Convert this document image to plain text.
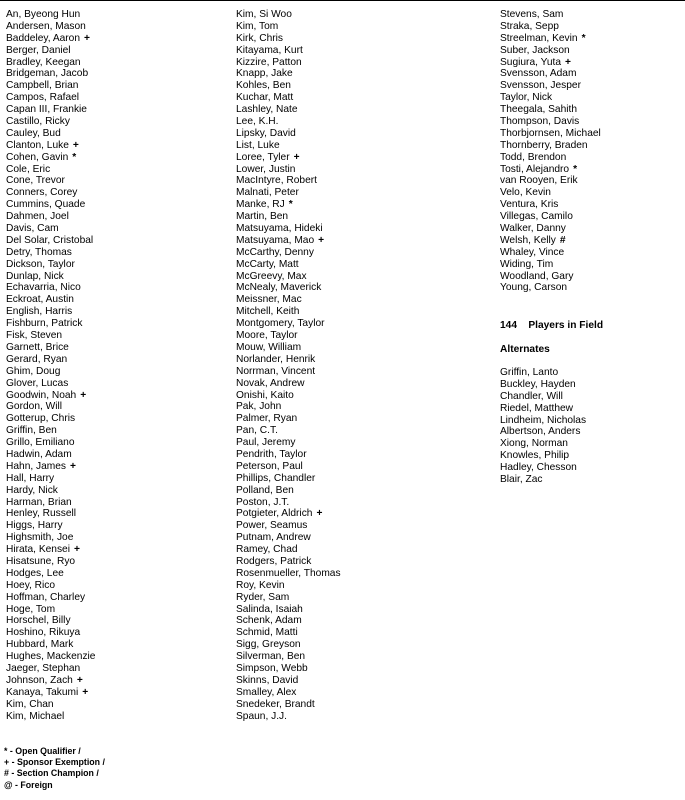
An, Byeong Hun
Andersen, Mason
Baddeley, Aaron +
Berger, Daniel
Bradley, Keegan
Bridgeman, Jacob
Campbell, Brian
Campos, Rafael
Capan III, Frankie
Castillo, Ricky
Cauley, Bud
Clanton, Luke +
Cohen, Gavin *
Cole, Eric
Cone, Trevor
Conners, Corey
Cummins, Quade
Dahmen, Joel
Davis, Cam
Del Solar, Cristobal
Detry, Thomas
Dickson, Taylor
Dunlap, Nick
Echavarria, Nico
Eckroat, Austin
English, Harris
Fishburn, Patrick
Fisk, Steven
Garnett, Brice
Gerard, Ryan
Ghim, Doug
Glover, Lucas
Goodwin, Noah +
Gordon, Will
Gotterup, Chris
Griffin, Ben
Grillo, Emiliano
Hadwin, Adam
Hahn, James +
Hall, Harry
Hardy, Nick
Harman, Brian
Henley, Russell
Higgs, Harry
Highsmith, Joe
Hirata, Kensei +
Hisatsune, Ryo
Hodges, Lee
Hoey, Rico
Hoffman, Charley
Hoge, Tom
Horschel, Billy
Hoshino, Rikuya
Hubbard, Mark
Hughes, Mackenzie
Jaeger, Stephan
Johnson, Zach +
Kanaya, Takumi +
Kim, Chan
Kim, Michael
Kim, Si Woo
Kim, Tom
Kirk, Chris
Kitayama, Kurt
Kizzire, Patton
Knapp, Jake
Kohles, Ben
Kuchar, Matt
Lashley, Nate
Lee, K.H.
Lipsky, David
List, Luke
Loree, Tyler +
Lower, Justin
MacIntyre, Robert
Malnati, Peter
Manke, RJ *
Martin, Ben
Matsuyama, Hideki
Matsuyama, Mao +
McCarthy, Denny
McCarty, Matt
McGreevy, Max
McNealy, Maverick
Meissner, Mac
Mitchell, Keith
Montgomery, Taylor
Moore, Taylor
Mouw, William
Norlander, Henrik
Norrman, Vincent
Novak, Andrew
Onishi, Kaito
Pak, John
Palmer, Ryan
Pan, C.T.
Paul, Jeremy
Pendrith, Taylor
Peterson, Paul
Phillips, Chandler
Polland, Ben
Poston, J.T.
Potgieter, Aldrich +
Power, Seamus
Putnam, Andrew
Ramey, Chad
Rodgers, Patrick
Rosenmueller, Thomas
Roy, Kevin
Ryder, Sam
Salinda, Isaiah
Schenk, Adam
Schmid, Matti
Sigg, Greyson
Silverman, Ben
Simpson, Webb
Skinns, David
Smalley, Alex
Snedeker, Brandt
Spaun, J.J.
Stevens, Sam
Straka, Sepp
Streelman, Kevin *
Suber, Jackson
Sugiura, Yuta +
Svensson, Adam
Svensson, Jesper
Taylor, Nick
Theegala, Sahith
Thompson, Davis
Thorbjornsen, Michael
Thornberry, Braden
Todd, Brendon
Tosti, Alejandro *
van Rooyen, Erik
Velo, Kevin
Ventura, Kris
Villegas, Camilo
Walker, Danny
Welsh, Kelly #
Whaley, Vince
Widing, Tim
Woodland, Gary
Young, Carson
144 Players in Field
Alternates
Griffin, Lanto
Buckley, Hayden
Chandler, Will
Riedel, Matthew
Lindheim, Nicholas
Albertson, Anders
Xiong, Norman
Knowles, Philip
Hadley, Chesson
Blair, Zac
* - Open Qualifier /
+ - Sponsor Exemption /
# - Section Champion /
@ - Foreign
